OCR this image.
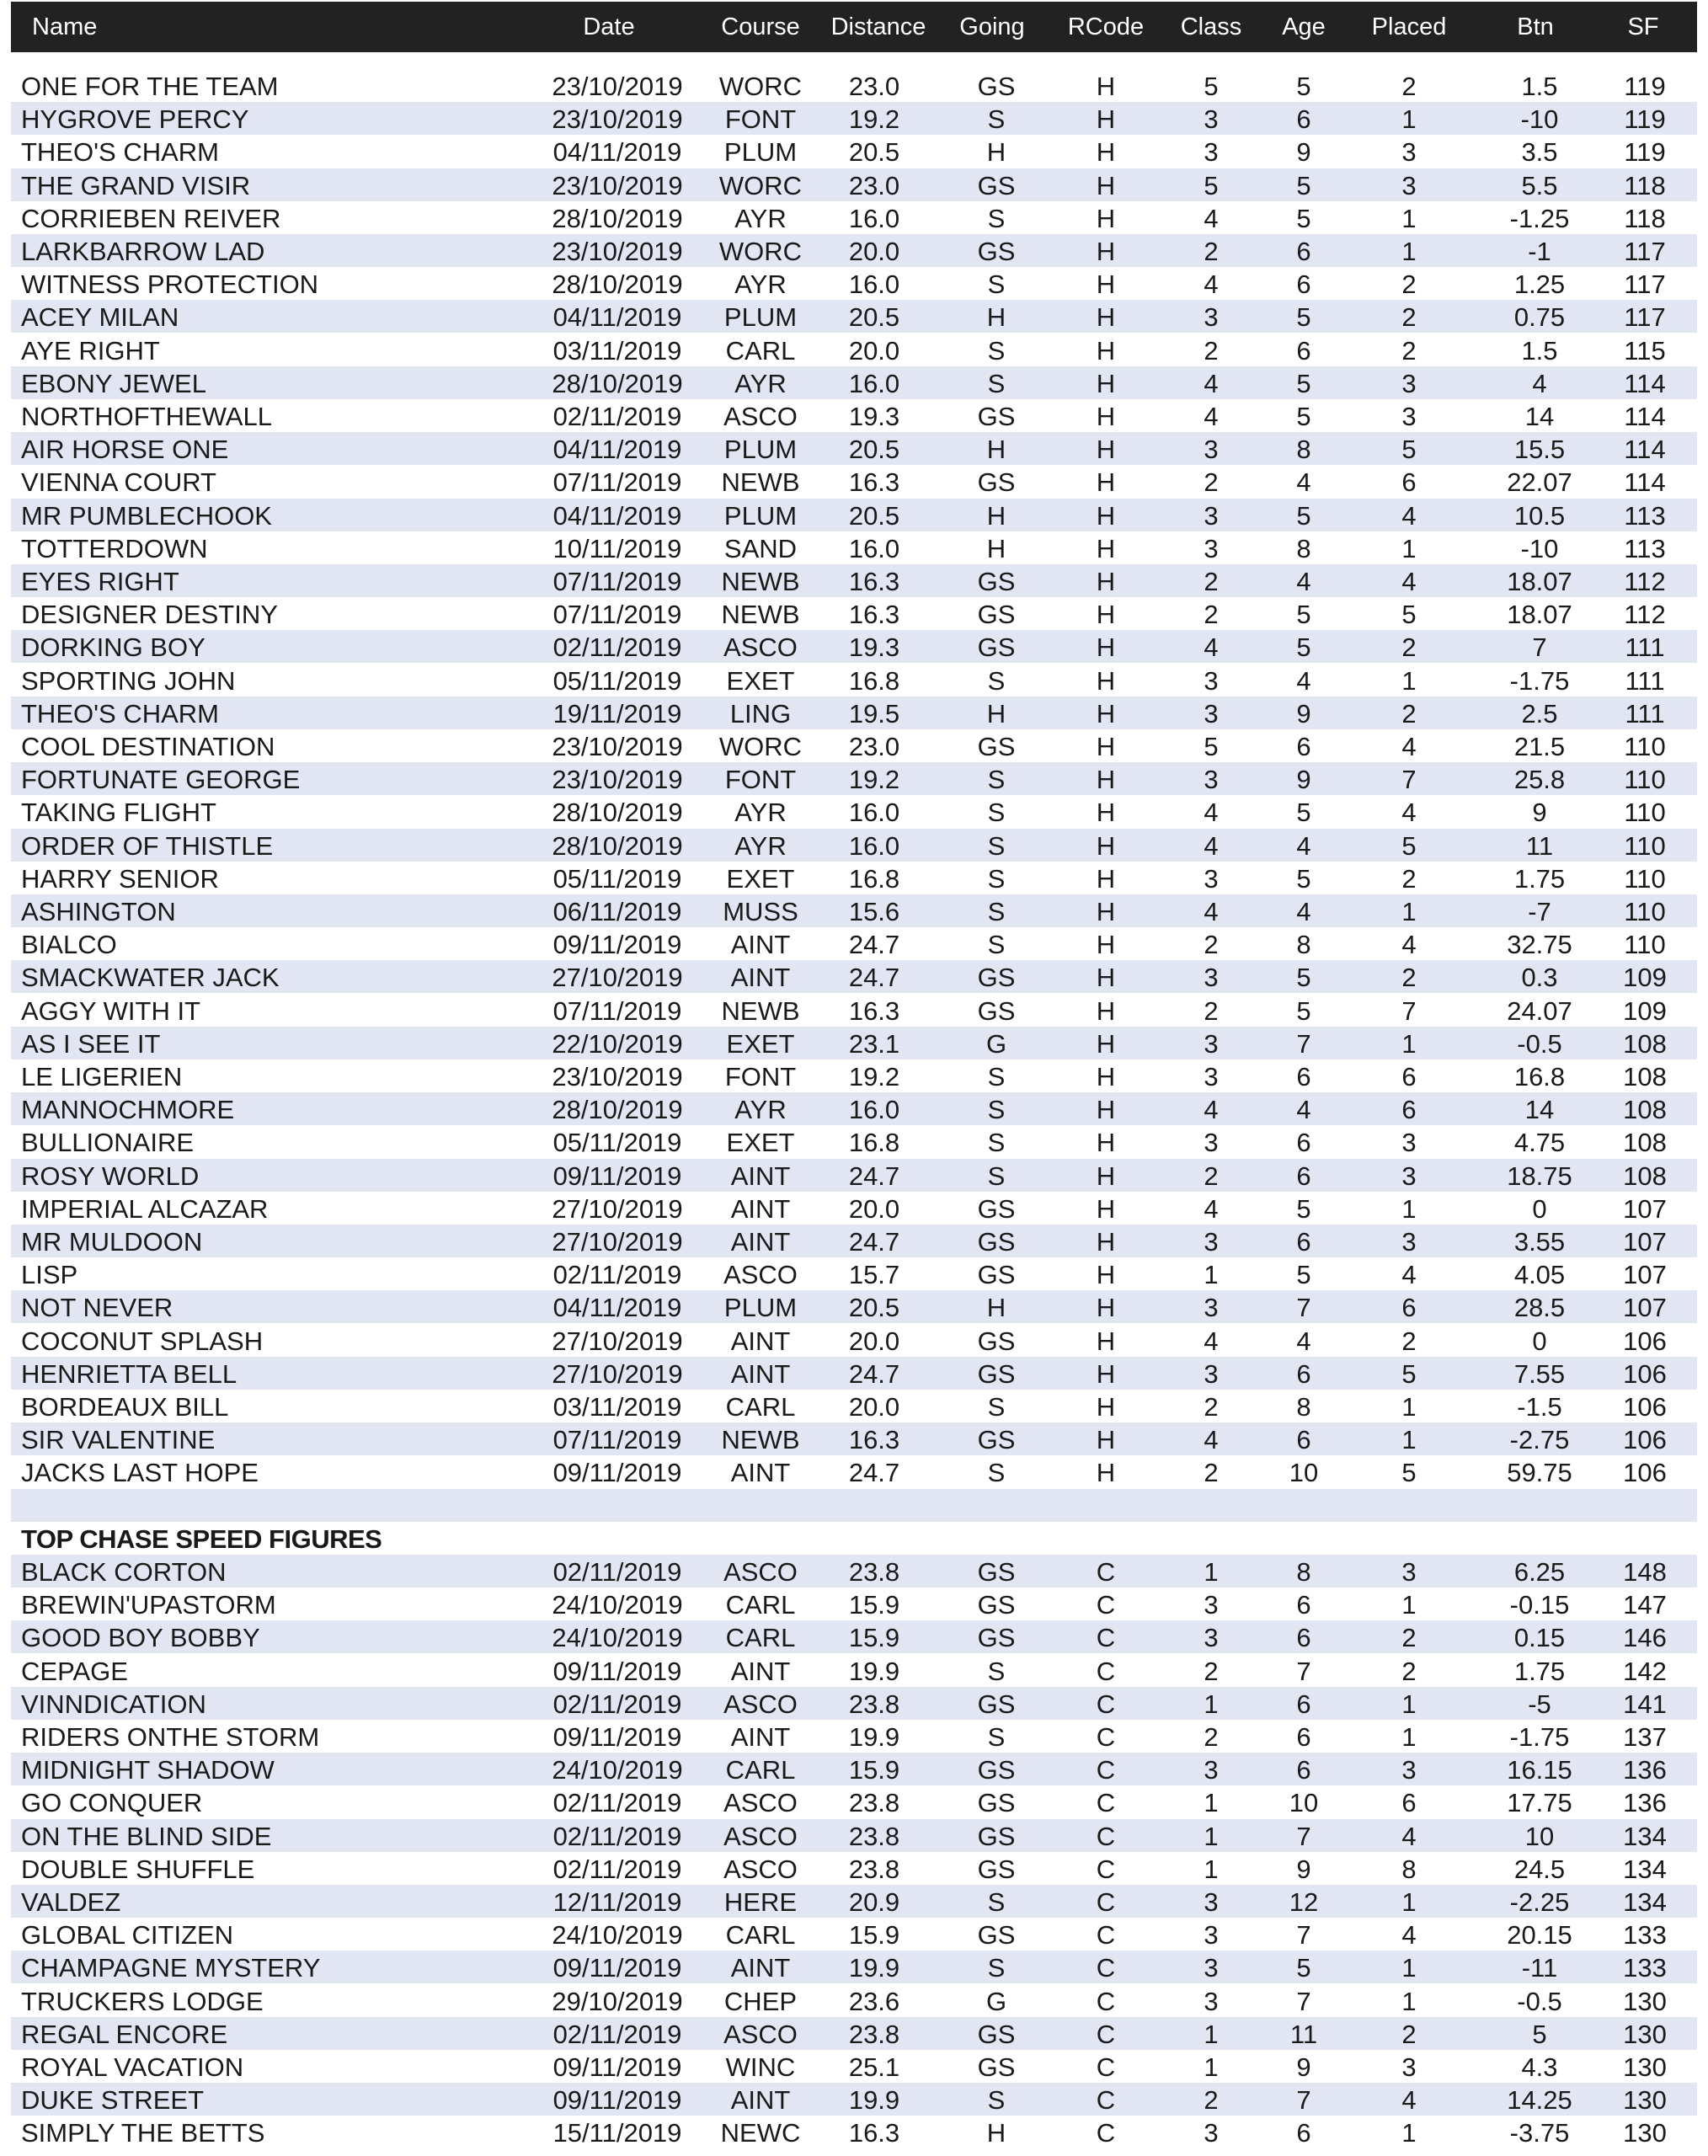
Name	Date	Course	Distance	Going	RCode	Class	Age	Placed	Btn	SF
ONE FOR THE TEAM	23/10/2019	WORC	23.0	GS	H	5	5	2	1.5	119
HYGROVE PERCY	23/10/2019	FONT	19.2	S	H	3	6	1	-10	119
THEO'S CHARM	04/11/2019	PLUM	20.5	H	H	3	9	3	3.5	119
THE GRAND VISIR	23/10/2019	WORC	23.0	GS	H	5	5	3	5.5	118
CORRIEBEN REIVER	28/10/2019	AYR	16.0	S	H	4	5	1	-1.25	118
LARKBARROW LAD	23/10/2019	WORC	20.0	GS	H	2	6	1	-1	117
WITNESS PROTECTION	28/10/2019	AYR	16.0	S	H	4	6	2	1.25	117
ACEY MILAN	04/11/2019	PLUM	20.5	H	H	3	5	2	0.75	117
AYE RIGHT	03/11/2019	CARL	20.0	S	H	2	6	2	1.5	115
EBONY JEWEL	28/10/2019	AYR	16.0	S	H	4	5	3	4	114
NORTHOFTHEWALL	02/11/2019	ASCO	19.3	GS	H	4	5	3	14	114
AIR HORSE ONE	04/11/2019	PLUM	20.5	H	H	3	8	5	15.5	114
VIENNA COURT	07/11/2019	NEWB	16.3	GS	H	2	4	6	22.07	114
MR PUMBLECHOOK	04/11/2019	PLUM	20.5	H	H	3	5	4	10.5	113
TOTTERDOWN	10/11/2019	SAND	16.0	H	H	3	8	1	-10	113
EYES RIGHT	07/11/2019	NEWB	16.3	GS	H	2	4	4	18.07	112
DESIGNER DESTINY	07/11/2019	NEWB	16.3	GS	H	2	5	5	18.07	112
DORKING BOY	02/11/2019	ASCO	19.3	GS	H	4	5	2	7	111
SPORTING JOHN	05/11/2019	EXET	16.8	S	H	3	4	1	-1.75	111
THEO'S CHARM	19/11/2019	LING	19.5	H	H	3	9	2	2.5	111
COOL DESTINATION	23/10/2019	WORC	23.0	GS	H	5	6	4	21.5	110
FORTUNATE GEORGE	23/10/2019	FONT	19.2	S	H	3	9	7	25.8	110
TAKING FLIGHT	28/10/2019	AYR	16.0	S	H	4	5	4	9	110
ORDER OF THISTLE	28/10/2019	AYR	16.0	S	H	4	4	5	11	110
HARRY SENIOR	05/11/2019	EXET	16.8	S	H	3	5	2	1.75	110
ASHINGTON	06/11/2019	MUSS	15.6	S	H	4	4	1	-7	110
BIALCO	09/11/2019	AINT	24.7	S	H	2	8	4	32.75	110
SMACKWATER JACK	27/10/2019	AINT	24.7	GS	H	3	5	2	0.3	109
AGGY WITH IT	07/11/2019	NEWB	16.3	GS	H	2	5	7	24.07	109
AS I SEE IT	22/10/2019	EXET	23.1	G	H	3	7	1	-0.5	108
LE LIGERIEN	23/10/2019	FONT	19.2	S	H	3	6	6	16.8	108
MANNOCHMORE	28/10/2019	AYR	16.0	S	H	4	4	6	14	108
BULLIONAIRE	05/11/2019	EXET	16.8	S	H	3	6	3	4.75	108
ROSY WORLD	09/11/2019	AINT	24.7	S	H	2	6	3	18.75	108
IMPERIAL ALCAZAR	27/10/2019	AINT	20.0	GS	H	4	5	1	0	107
MR MULDOON	27/10/2019	AINT	24.7	GS	H	3	6	3	3.55	107
LISP	02/11/2019	ASCO	15.7	GS	H	1	5	4	4.05	107
NOT NEVER	04/11/2019	PLUM	20.5	H	H	3	7	6	28.5	107
COCONUT SPLASH	27/10/2019	AINT	20.0	GS	H	4	4	2	0	106
HENRIETTA BELL	27/10/2019	AINT	24.7	GS	H	3	6	5	7.55	106
BORDEAUX BILL	03/11/2019	CARL	20.0	S	H	2	8	1	-1.5	106
SIR VALENTINE	07/11/2019	NEWB	16.3	GS	H	4	6	1	-2.75	106
JACKS LAST HOPE	09/11/2019	AINT	24.7	S	H	2	10	5	59.75	106
TOP CHASE SPEED FIGURES
BLACK CORTON	02/11/2019	ASCO	23.8	GS	C	1	8	3	6.25	148
BREWIN'UPASTORM	24/10/2019	CARL	15.9	GS	C	3	6	1	-0.15	147
GOOD BOY BOBBY	24/10/2019	CARL	15.9	GS	C	3	6	2	0.15	146
CEPAGE	09/11/2019	AINT	19.9	S	C	2	7	2	1.75	142
VINNDICATION	02/11/2019	ASCO	23.8	GS	C	1	6	1	-5	141
RIDERS ONTHE STORM	09/11/2019	AINT	19.9	S	C	2	6	1	-1.75	137
MIDNIGHT SHADOW	24/10/2019	CARL	15.9	GS	C	3	6	3	16.15	136
GO CONQUER	02/11/2019	ASCO	23.8	GS	C	1	10	6	17.75	136
ON THE BLIND SIDE	02/11/2019	ASCO	23.8	GS	C	1	7	4	10	134
DOUBLE SHUFFLE	02/11/2019	ASCO	23.8	GS	C	1	9	8	24.5	134
VALDEZ	12/11/2019	HERE	20.9	S	C	3	12	1	-2.25	134
GLOBAL CITIZEN	24/10/2019	CARL	15.9	GS	C	3	7	4	20.15	133
CHAMPAGNE MYSTERY	09/11/2019	AINT	19.9	S	C	3	5	1	-11	133
TRUCKERS LODGE	29/10/2019	CHEP	23.6	G	C	3	7	1	-0.5	130
REGAL ENCORE	02/11/2019	ASCO	23.8	GS	C	1	11	2	5	130
ROYAL VACATION	09/11/2019	WINC	25.1	GS	C	1	9	3	4.3	130
DUKE STREET	09/11/2019	AINT	19.9	S	C	2	7	4	14.25	130
SIMPLY THE BETTS	15/11/2019	NEWC	16.3	H	C	3	6	1	-3.75	130
